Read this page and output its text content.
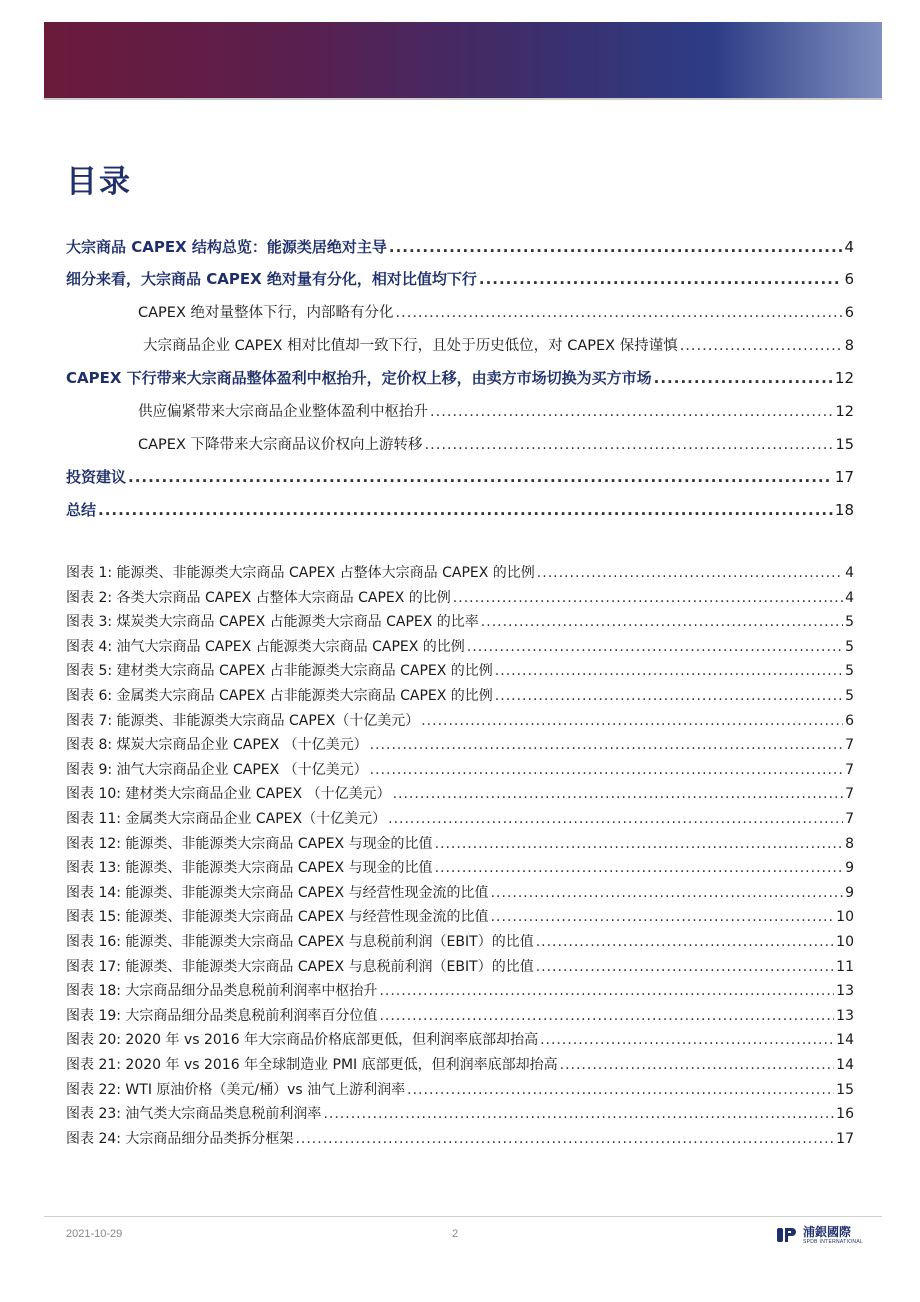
目录
大宗商品 CAPEX 结构总览：能源类居绝对主导 .....	4
细分来看，大宗商品 CAPEX 绝对量有分化，相对比值均下行 .....	6
CAPEX 绝对量整体下行，内部略有分化 .....	6
大宗商品企业 CAPEX 相对比值却一致下行，且处于历史低位，对 CAPEX 保持谨慎 .....	8
CAPEX 下行带来大宗商品整体盈利中枢抬升，定价权上移，由卖方市场切换为买方市场 .....	12
供应偏紧带来大宗商品企业整体盈利中枢抬升 .....	12
CAPEX 下降带来大宗商品议价权向上游转移 .....	15
投资建议 .....	17
总结 .....	18
图表 1: 能源类、非能源类大宗商品 CAPEX 占整体大宗商品 CAPEX 的比例 .....	4
图表 2: 各类大宗商品 CAPEX 占整体大宗商品 CAPEX 的比例 .....	4
图表 3: 煤炭类大宗商品 CAPEX 占能源类大宗商品 CAPEX 的比率 .....	5
图表 4: 油气大宗商品 CAPEX 占能源类大宗商品 CAPEX 的比例 .....	5
图表 5: 建材类大宗商品 CAPEX 占非能源类大宗商品 CAPEX 的比例 .....	5
图表 6: 金属类大宗商品 CAPEX 占非能源类大宗商品 CAPEX 的比例 .....	5
图表 7: 能源类、非能源类大宗商品 CAPEX（十亿美元） .....	6
图表 8: 煤炭大宗商品企业 CAPEX （十亿美元） .....	7
图表 9: 油气大宗商品企业 CAPEX （十亿美元） .....	7
图表 10: 建材类大宗商品企业 CAPEX （十亿美元） .....	7
图表 11: 金属类大宗商品企业 CAPEX（十亿美元） .....	7
图表 12: 能源类、非能源类大宗商品 CAPEX 与现金的比值 .....	8
图表 13: 能源类、非能源类大宗商品 CAPEX 与现金的比值 .....	9
图表 14: 能源类、非能源类大宗商品 CAPEX 与经营性现金流的比值 .....	9
图表 15: 能源类、非能源类大宗商品 CAPEX 与经营性现金流的比值 .....	10
图表 16: 能源类、非能源类大宗商品 CAPEX 与息税前利润（EBIT）的比值 .....	10
图表 17: 能源类、非能源类大宗商品 CAPEX 与息税前利润（EBIT）的比值 .....	11
图表 18: 大宗商品细分品类息税前利润率中枢抬升 .....	13
图表 19: 大宗商品细分品类息税前利润率百分位值 .....	13
图表 20: 2020 年 vs 2016 年大宗商品价格底部更低，但利润率底部却抬高 .....	14
图表 21: 2020 年 vs 2016 年全球制造业 PMI 底部更低，但利润率底部却抬高 .....	14
图表 22: WTI 原油价格（美元/桶）vs 油气上游利润率 .....	15
图表 23: 油气类大宗商品类息税前利润率 .....	16
图表 24: 大宗商品细分品类拆分框架 .....	17
2021-10-29	2	浦銀國際
SPDB INTERNATIONAL
